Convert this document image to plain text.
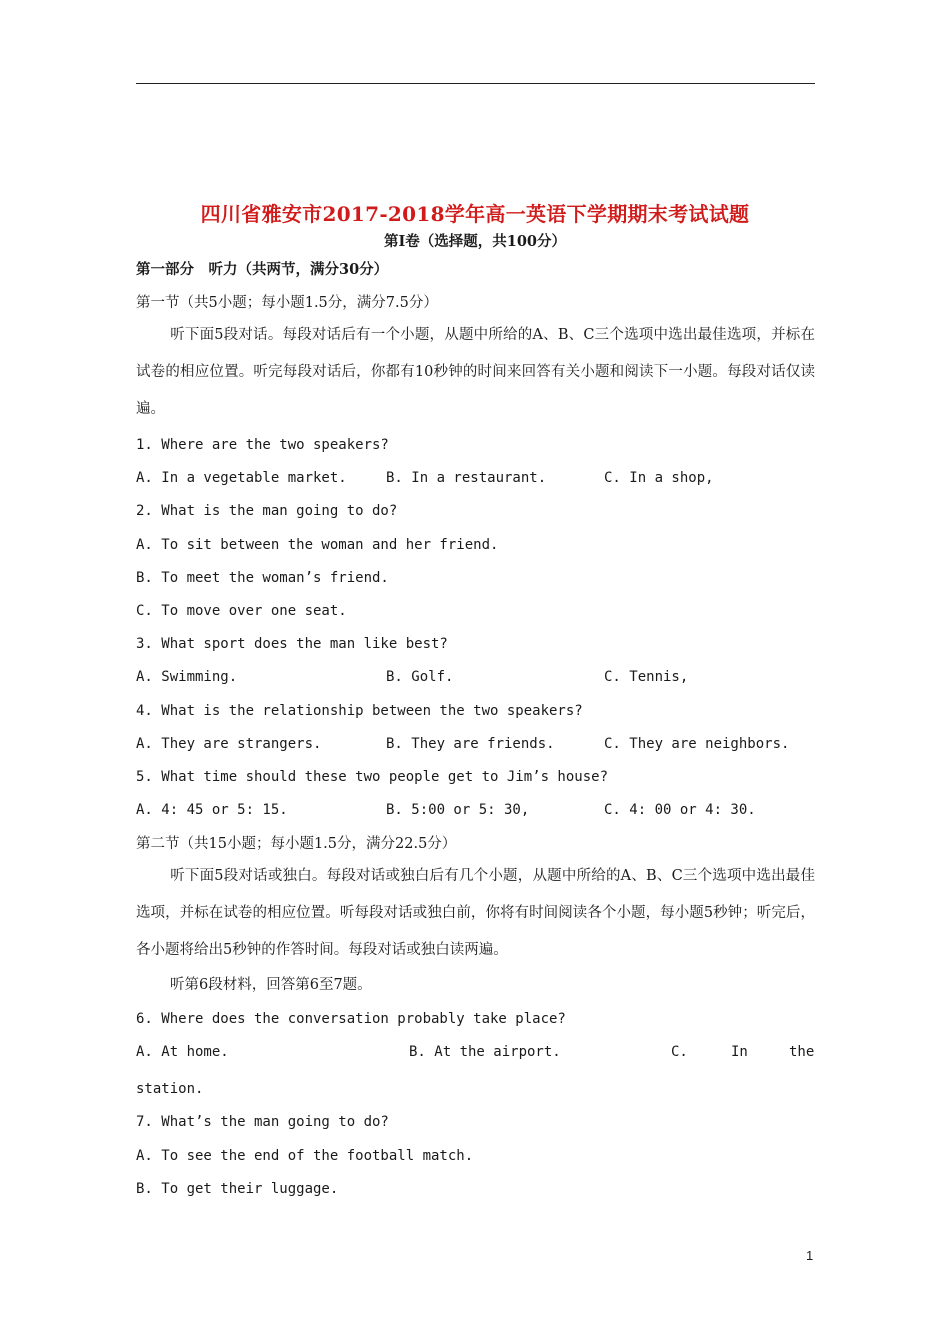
四川省雅安市2017-2018学年高一英语下学期期末考试试题
第Ⅰ卷（选择题，共100分）
第一部分　听力（共两节，满分30分）
第一节（共5小题；每小题1.5分，满分7.5分）
听下面5段对话。每段对话后有一个小题，从题中所给的A、B、C三个选项中选出最佳选项，并标在试卷的相应位置。听完每段对话后，你都有10秒钟的时间来回答有关小题和阅读下一小题。每段对话仅读遍。
1. Where are the two speakers?
A. In a vegetable market.	B. In a restaurant.	C. In a shop,
2. What is the man going to do?
A. To sit between the woman and her friend.
B. To meet the woman’s friend.
C. To move over one seat.
3. What sport does the man like best?
A. Swimming.	B. Golf.	C. Tennis,
4. What is the relationship between the two speakers?
A. They are strangers.	B. They are friends.	C. They are neighbors.
5. What time should these two people get to Jim’s house?
A. 4: 45 or 5: 15.	B. 5:00 or 5: 30,	C. 4: 00 or 4: 30.
第二节（共15小题；每小题1.5分，满分22.5分）
听下面5段对话或独白。每段对话或独白后有几个小题，从题中所给的A、B、C三个选项中选出最佳选项，并标在试卷的相应位置。听每段对话或独白前，你将有时间阅读各个小题，每小题5秒钟；听完后，各小题将给出5秒钟的作答时间。每段对话或独白读两遍。
听第6段材料，回答第6至7题。
6. Where does the conversation probably take place?
A. At home.	B. At the airport.	C.	In	the
station.
7. What’s the man going to do?
A. To see the end of the football match.
B. To get their luggage.
1
